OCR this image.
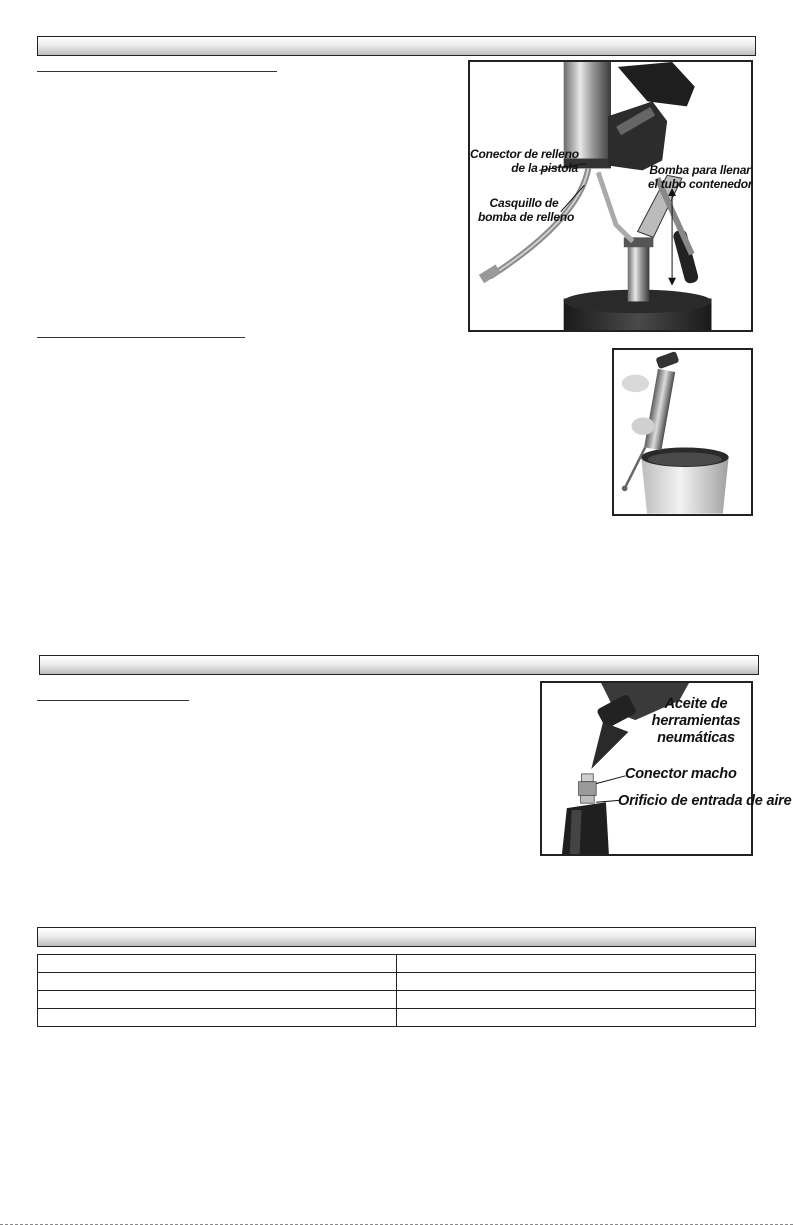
Conector de relleno
de la pistola
Casquillo de
bomba de relleno
Bomba para llenar
el tubo contenedor
Aceite de
herramientas
neumáticas
Conector macho
Orificio de entrada de aire
